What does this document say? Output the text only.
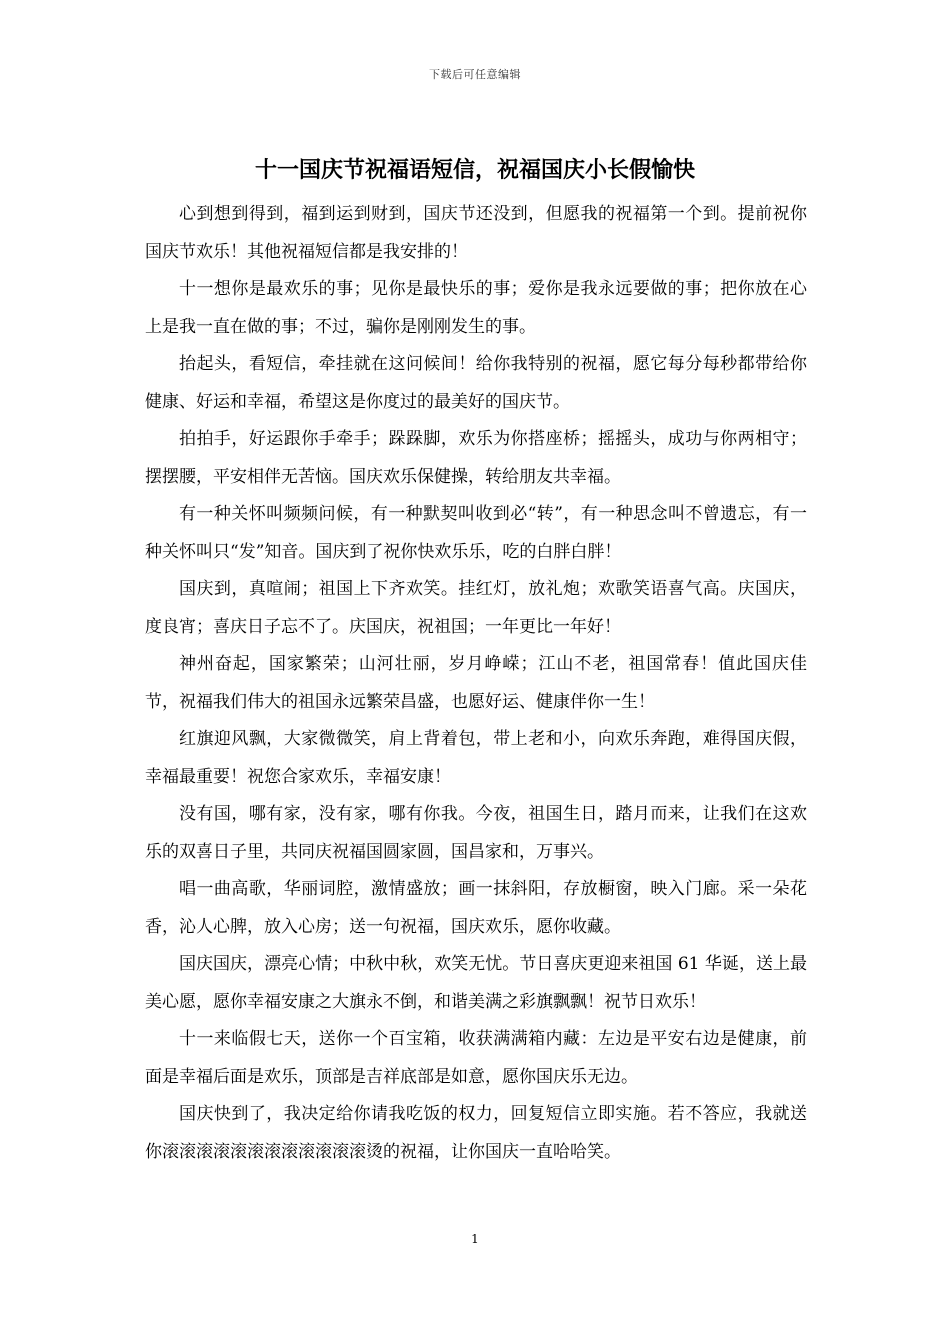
下载后可任意编辑
十一国庆节祝福语短信，祝福国庆小长假愉快

心到想到得到，福到运到财到，国庆节还没到，但愿我的祝福第一个到。提前祝你国庆节欢乐！其他祝福短信都是我安排的！

十一想你是最欢乐的事；见你是最快乐的事；爱你是我永远要做的事；把你放在心上是我一直在做的事；不过，骗你是刚刚发生的事。

抬起头，看短信，牵挂就在这问候间！给你我特别的祝福，愿它每分每秒都带给你健康、好运和幸福，希望这是你度过的最美好的国庆节。

拍拍手，好运跟你手牵手；跺跺脚，欢乐为你搭座桥；摇摇头，成功与你两相守；摆摆腰，平安相伴无苦恼。国庆欢乐保健操，转给朋友共幸福。

有一种关怀叫频频问候，有一种默契叫收到必“转”，有一种思念叫不曾遗忘，有一种关怀叫只“发”知音。国庆到了祝你快欢乐乐，吃的白胖白胖！

国庆到，真喧闹；祖国上下齐欢笑。挂红灯，放礼炮；欢歌笑语喜气高。庆国庆，度良宵；喜庆日子忘不了。庆国庆，祝祖国；一年更比一年好！

神州奋起，国家繁荣；山河壮丽，岁月峥嵘；江山不老，祖国常春！值此国庆佳节，祝福我们伟大的祖国永远繁荣昌盛，也愿好运、健康伴你一生！

红旗迎风飘，大家微微笑，肩上背着包，带上老和小，向欢乐奔跑，难得国庆假，幸福最重要！祝您合家欢乐，幸福安康！

没有国，哪有家，没有家，哪有你我。今夜，祖国生日，踏月而来，让我们在这欢乐的双喜日子里，共同庆祝福国圆家圆，国昌家和，万事兴。

唱一曲高歌，华丽词腔，激情盛放；画一抹斜阳，存放橱窗，映入门廊。采一朵花香，沁人心脾，放入心房；送一句祝福，国庆欢乐，愿你收藏。

国庆国庆，漂亮心情；中秋中秋，欢笑无忧。节日喜庆更迎来祖国 61 华诞，送上最美心愿，愿你幸福安康之大旗永不倒，和谐美满之彩旗飘飘！祝节日欢乐！

十一来临假七天，送你一个百宝箱，收获满满箱内藏：左边是平安右边是健康，前面是幸福后面是欢乐，顶部是吉祥底部是如意，愿你国庆乐无边。

国庆快到了，我决定给你请我吃饭的权力，回复短信立即实施。若不答应，我就送你滚滚滚滚滚滚滚滚滚滚滚滚烫的祝福，让你国庆一直哈哈笑。

1
